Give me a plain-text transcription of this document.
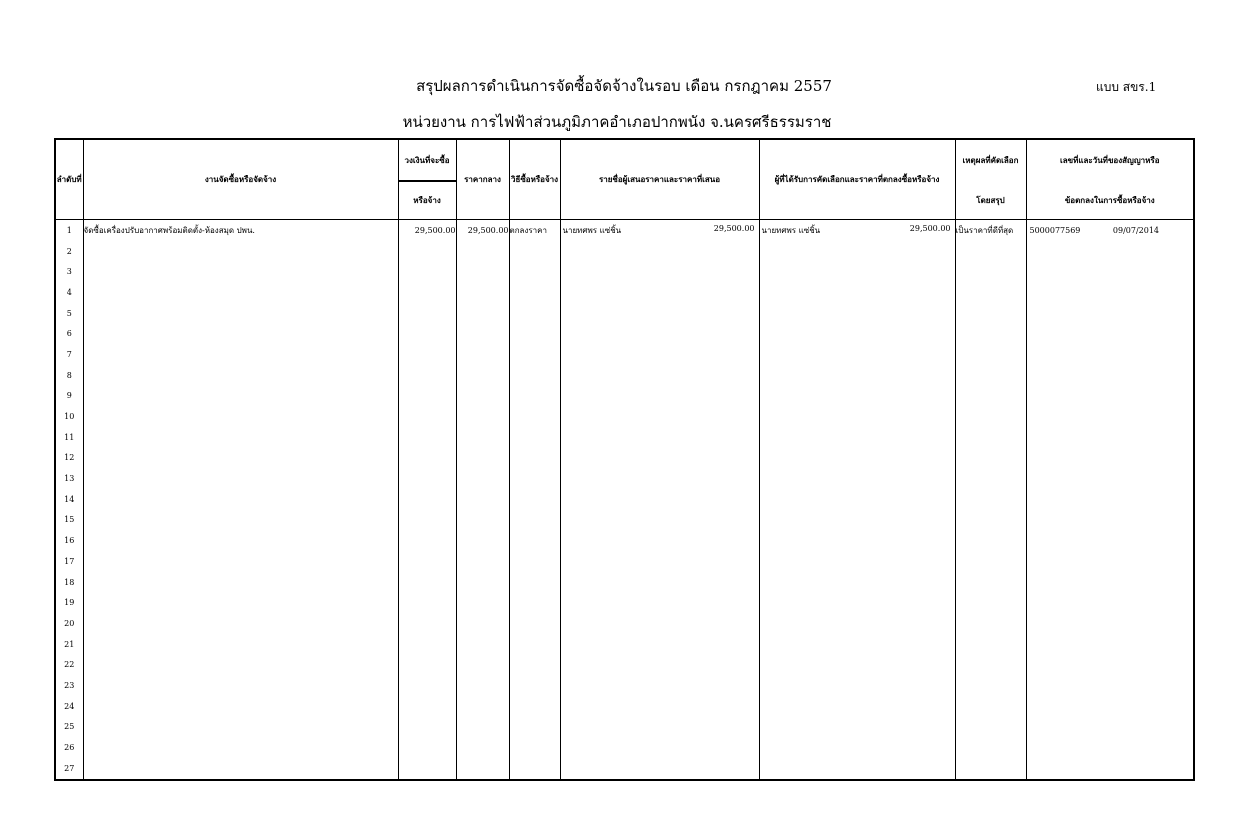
สรุปผลการดำเนินการจัดซื้อจัดจ้างในรอบ เดือน กรกฎาคม 2557	แบบ สขร.1
หน่วยงาน การไฟฟ้าส่วนภูมิภาคอำเภอปากพนัง จ.นครศรีธรรมราช
ลำดับที่	งานจัดซื้อหรือจัดจ้าง	วงเงินที่จะซื้อ	ราคากลาง	วิธีซื้อหรือจ้าง	รายชื่อผู้เสนอราคาและราคาที่เสนอ	ผู้ที่ได้รับการคัดเลือกและราคาที่ตกลงซื้อหรือจ้าง	เหตุผลที่คัดเลือก	เลขที่และวันที่ของสัญญาหรือ
		หรือจ้าง					โดยสรุป	ข้อตกลงในการซื้อหรือจ้าง
1	จัดซื้อเครื่องปรับอากาศพร้อมติดตั้ง-ห้องสมุด ปพน.	29,500.00	29,500.00	ตกลงราคา	นายทศพร แซ่ชิ้น 29,500.00	นายทศพร แซ่ชิ้น 29,500.00	เป็นราคาที่ดีที่สุด	5000077569 09/07/2014

2								
3								
4								
5								
6								
7								
8								
9								
10								
11								
12								
13								
14								
15								
16								
17								
18								
19								
20								
21								
22								
23								
24								
25								
26								
27								
